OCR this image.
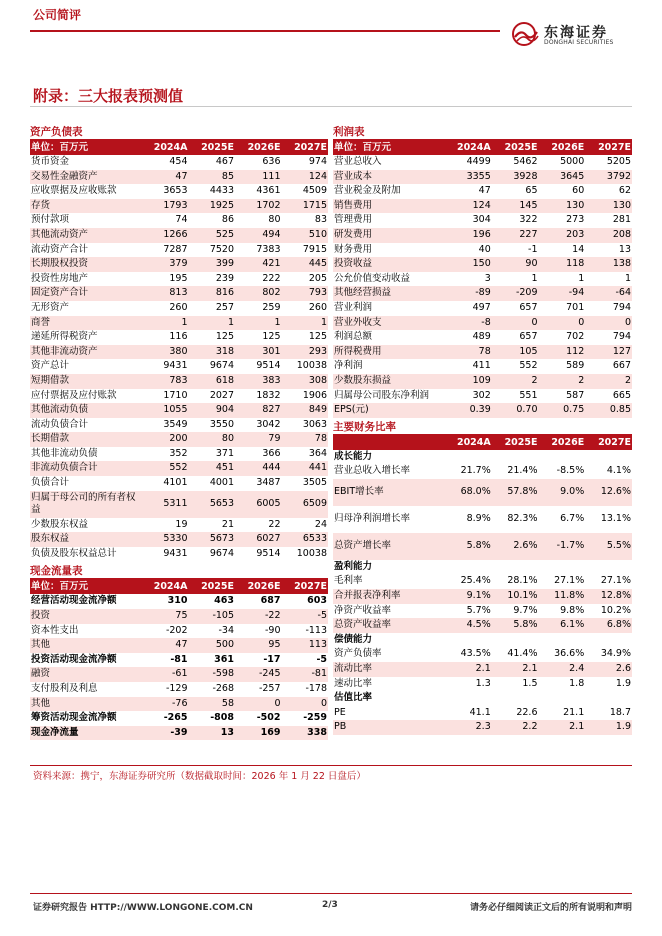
公司简评
东海证券
DONGHAI SECURITIES
附录：三大报表预测值
资产负债表
单位：百万元	2024A	2025E	2026E	2027E
货币资金	454	467	636	974
交易性金融资产	47	85	111	124
应收票据及应收账款	3653	4433	4361	4509
存货	1793	1925	1702	1715
预付款项	74	86	80	83
其他流动资产	1266	525	494	510
流动资产合计	7287	7520	7383	7915
长期股权投资	379	399	421	445
投资性房地产	195	239	222	205
固定资产合计	813	816	802	793
无形资产	260	257	259	260
商誉	1	1	1	1
递延所得税资产	116	125	125	125
其他非流动资产	380	318	301	293
资产总计	9431	9674	9514	10038
短期借款	783	618	383	308
应付票据及应付账款	1710	2027	1832	1906
其他流动负债	1055	904	827	849
流动负债合计	3549	3550	3042	3063
长期借款	200	80	79	78
其他非流动负债	352	371	366	364
非流动负债合计	552	451	444	441
负债合计	4101	4001	3487	3505
归属于母公司的所有者权益	5311	5653	6005	6509
少数股东权益	19	21	22	24
股东权益	5330	5673	6027	6533
负债及股东权益总计	9431	9674	9514	10038
现金流量表
单位：百万元	2024A	2025E	2026E	2027E
经营活动现金流净额	310	463	687	603
投资	75	-105	-22	-5
资本性支出	-202	-34	-90	-113
其他	47	500	95	113
投资活动现金流净额	-81	361	-17	-5
融资	-61	-598	-245	-81
支付股利及利息	-129	-268	-257	-178
其他	-76	58	0	0
筹资活动现金流净额	-265	-808	-502	-259
现金净流量	-39	13	169	338
利润表
单位：百万元	2024A	2025E	2026E	2027E
营业总收入	4499	5462	5000	5205
营业成本	3355	3928	3645	3792
营业税金及附加	47	65	60	62
销售费用	124	145	130	130
管理费用	304	322	273	281
研发费用	196	227	203	208
财务费用	40	-1	14	13
投资收益	150	90	118	138
公允价值变动收益	3	1	1	1
其他经营损益	-89	-209	-94	-64
营业利润	497	657	701	794
营业外收支	-8	0	0	0
利润总额	489	657	702	794
所得税费用	78	105	112	127
净利润	411	552	589	667
少数股东损益	109	2	2	2
归属母公司股东净利润	302	551	587	665
EPS(元)	0.39	0.70	0.75	0.85
主要财务比率
	2024A	2025E	2026E	2027E
成长能力				
营业总收入增长率	21.7%	21.4%	-8.5%	4.1%
EBIT增长率	68.0%	57.8%	9.0%	12.6%
归母净利润增长率	8.9%	82.3%	6.7%	13.1%
总资产增长率	5.8%	2.6%	-1.7%	5.5%
盈利能力				
毛利率	25.4%	28.1%	27.1%	27.1%
合并报表净利率	9.1%	10.1%	11.8%	12.8%
净资产收益率	5.7%	9.7%	9.8%	10.2%
总资产收益率	4.5%	5.8%	6.1%	6.8%
偿债能力				
资产负债率	43.5%	41.4%	36.6%	34.9%
流动比率	2.1	2.1	2.4	2.6
速动比率	1.3	1.5	1.8	1.9
估值比率				
PE	41.1	22.6	21.1	18.7
PB	2.3	2.2	2.1	1.9
资料来源：携宁，东海证券研究所（数据截取时间：2026 年 1 月 22 日盘后）
证券研究报告 HTTP://WWW.LONGONE.COM.CN	2/3	请务必仔细阅读正文后的所有说明和声明
